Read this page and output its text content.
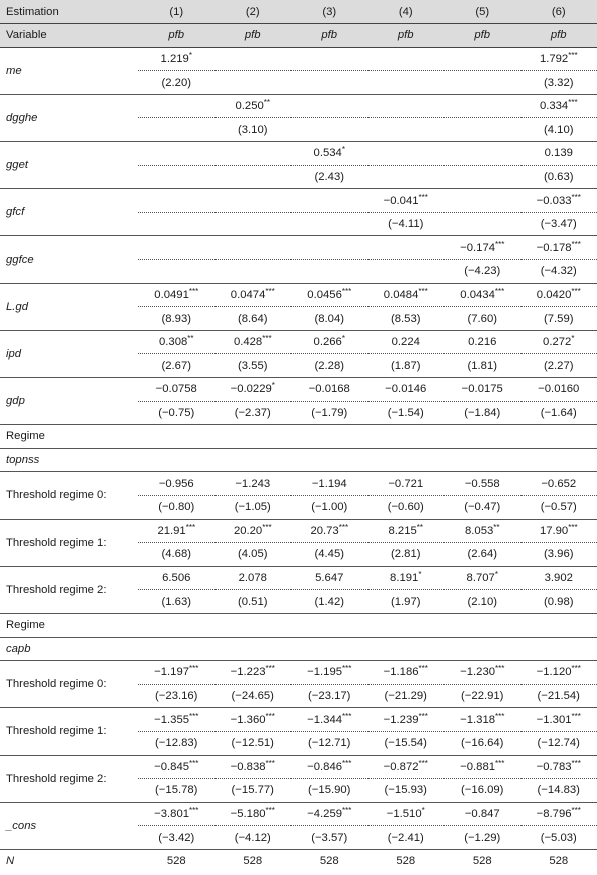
Estimation	(1)	(2)	(3)	(4)	(5)	(6)
Variable	pfb	pfb	pfb	pfb	pfb	pfb
me	1.219*					1.792***
	(2.20)					(3.32)
dgghe		0.250**				0.334***
		(3.10)				(4.10)
gget			0.534*			0.139
			(2.43)			(0.63)
gfcf				−0.041***		−0.033***
				(−4.11)		(−3.47)
ggfce					−0.174***	−0.178***
					(−4.23)	(−4.32)
L.gd	0.0491***	0.0474***	0.0456***	0.0484***	0.0434***	0.0420***
	(8.93)	(8.64)	(8.04)	(8.53)	(7.60)	(7.59)
ipd	0.308**	0.428***	0.266*	0.224	0.216	0.272*
	(2.67)	(3.55)	(2.28)	(1.87)	(1.81)	(2.27)
gdp	−0.0758	−0.0229*	−0.0168	−0.0146	−0.0175	−0.0160
	(−0.75)	(−2.37)	(−1.79)	(−1.54)	(−1.84)	(−1.64)
Regime						
topnss						
Threshold regime 0:	−0.956	−1.243	−1.194	−0.721	−0.558	−0.652
	(−0.80)	(−1.05)	(−1.00)	(−0.60)	(−0.47)	(−0.57)
Threshold regime 1:	21.91***	20.20***	20.73***	8.215**	8.053**	17.90***
	(4.68)	(4.05)	(4.45)	(2.81)	(2.64)	(3.96)
Threshold regime 2:	6.506	2.078	5.647	8.191*	8.707*	3.902
	(1.63)	(0.51)	(1.42)	(1.97)	(2.10)	(0.98)
Regime						
capb						
Threshold regime 0:	−1.197***	−1.223***	−1.195***	−1.186***	−1.230***	−1.120***
	(−23.16)	(−24.65)	(−23.17)	(−21.29)	(−22.91)	(−21.54)
Threshold regime 1:	−1.355***	−1.360***	−1.344***	−1.239***	−1.318***	−1.301***
	(−12.83)	(−12.51)	(−12.71)	(−15.54)	(−16.64)	(−12.74)
Threshold regime 2:	−0.845***	−0.838***	−0.846***	−0.872***	−0.881***	−0.783***
	(−15.78)	(−15.77)	(−15.90)	(−15.93)	(−16.09)	(−14.83)
_cons	−3.801***	−5.180***	−4.259***	−1.510*	−0.847	−8.796***
	(−3.42)	(−4.12)	(−3.57)	(−2.41)	(−1.29)	(−5.03)
N	528	528	528	528	528	528
